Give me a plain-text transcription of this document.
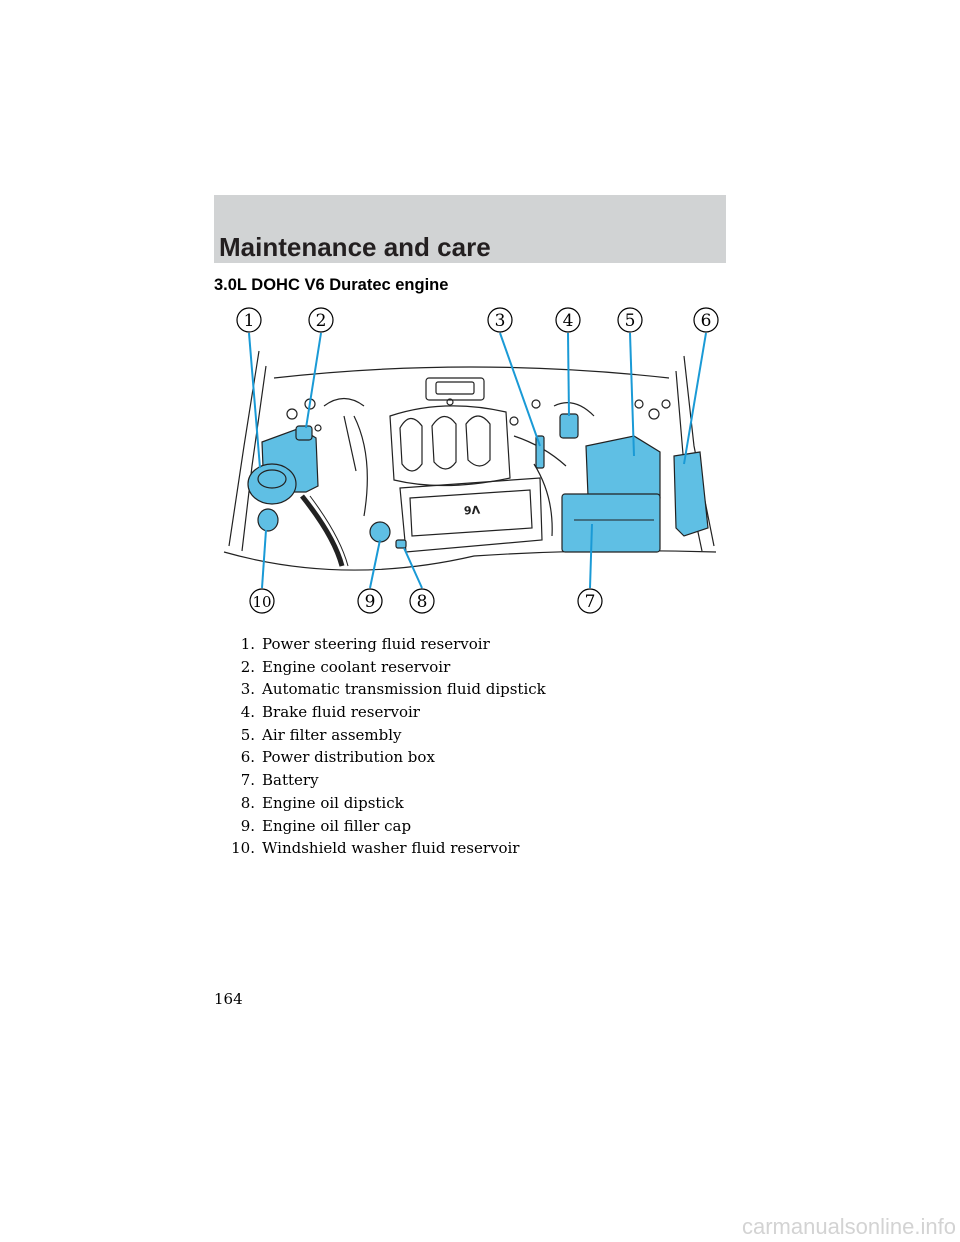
Maintenance and care
3.0L DOHC V6 Duratec engine
V6
1	2	3	4	5	6
7
8
9
10
1. Power steering fluid reservoir
2. Engine coolant reservoir
3. Automatic transmission fluid dipstick
4. Brake fluid reservoir
5. Air filter assembly
6. Power distribution box
7. Battery
8. Engine oil dipstick
9. Engine oil filler cap
10. Windshield washer fluid reservoir
164
carmanualsonline.info
